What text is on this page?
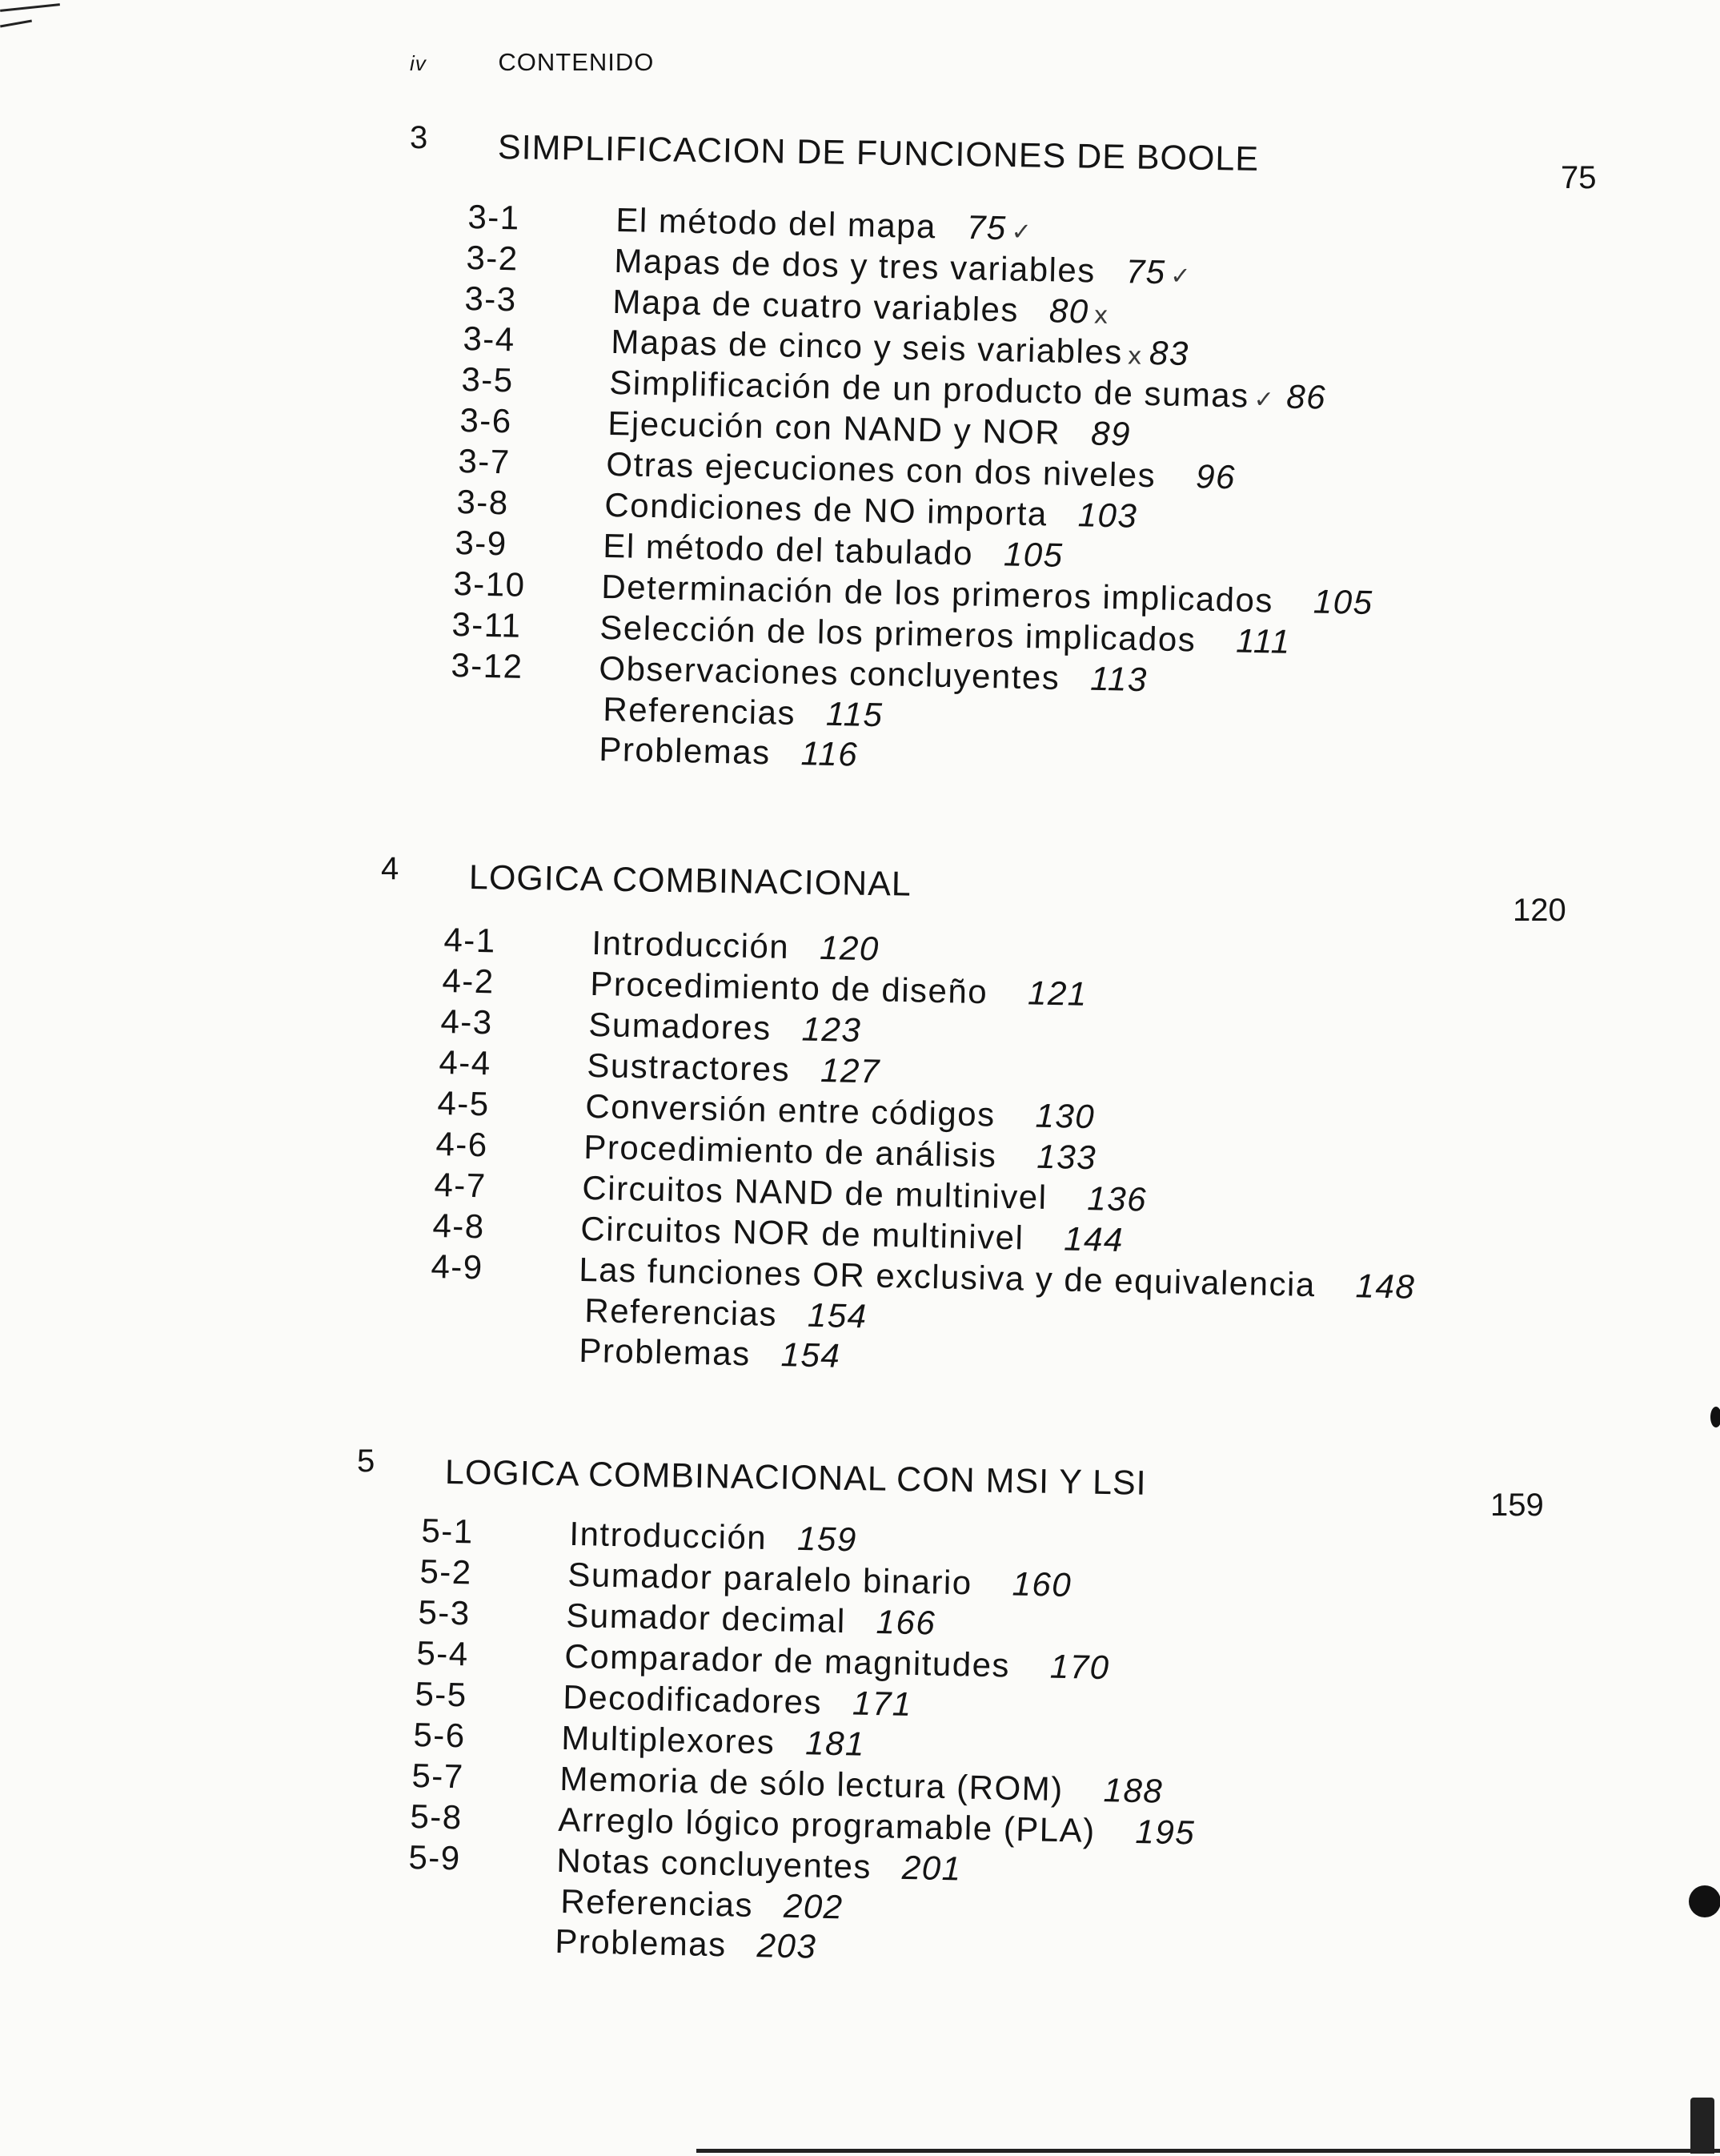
iv	CONTENIDO
3 SIMPLIFICACION DE FUNCIONES DE BOOLE	75
3-1	El método del mapa 75 ✓
3-2	Mapas de dos y tres variables 75 ✓
3-3	Mapa de cuatro variables 80 x
3-4	Mapas de cinco y seis variables x 83
3-5	Simplificación de un producto de sumas ✓ 86
3-6	Ejecución con NAND y NOR 89
3-7	Otras ejecuciones con dos niveles 96
3-8	Condiciones de NO importa 103
3-9	El método del tabulado 105
3-10 Determinación de los primeros implicados 105
3-11 Selección de los primeros implicados 111
3-12 Observaciones concluyentes 113
Referencias 115
Problemas 116
4 LOGICA COMBINACIONAL
120
4-1	Introducción 120
4-2	Procedimiento de diseño 121
4-3	Sumadores 123
4-4	Sustractores 127
4-5	Conversión entre códigos 130
4-6	Procedimiento de análisis 133
4-7	Circuitos NAND de multinivel 136
4-8	Circuitos NOR de multinivel 144
4-9	Las funciones OR exclusiva y de equivalencia 148
Referencias 154
Problemas 154
5 LOGICA COMBINACIONAL CON MSI Y LSI
159
5-1	Introducción 159
5-2	Sumador paralelo binario 160
5-3	Sumador decimal 166
5-4	Comparador de magnitudes 170
5-5	Decodificadores 171
5-6	Multiplexores 181
5-7	Memoria de sólo lectura (ROM) 188
5-8	Arreglo lógico programable (PLA) 195
5-9	Notas concluyentes 201
Referencias 202
Problemas 203
